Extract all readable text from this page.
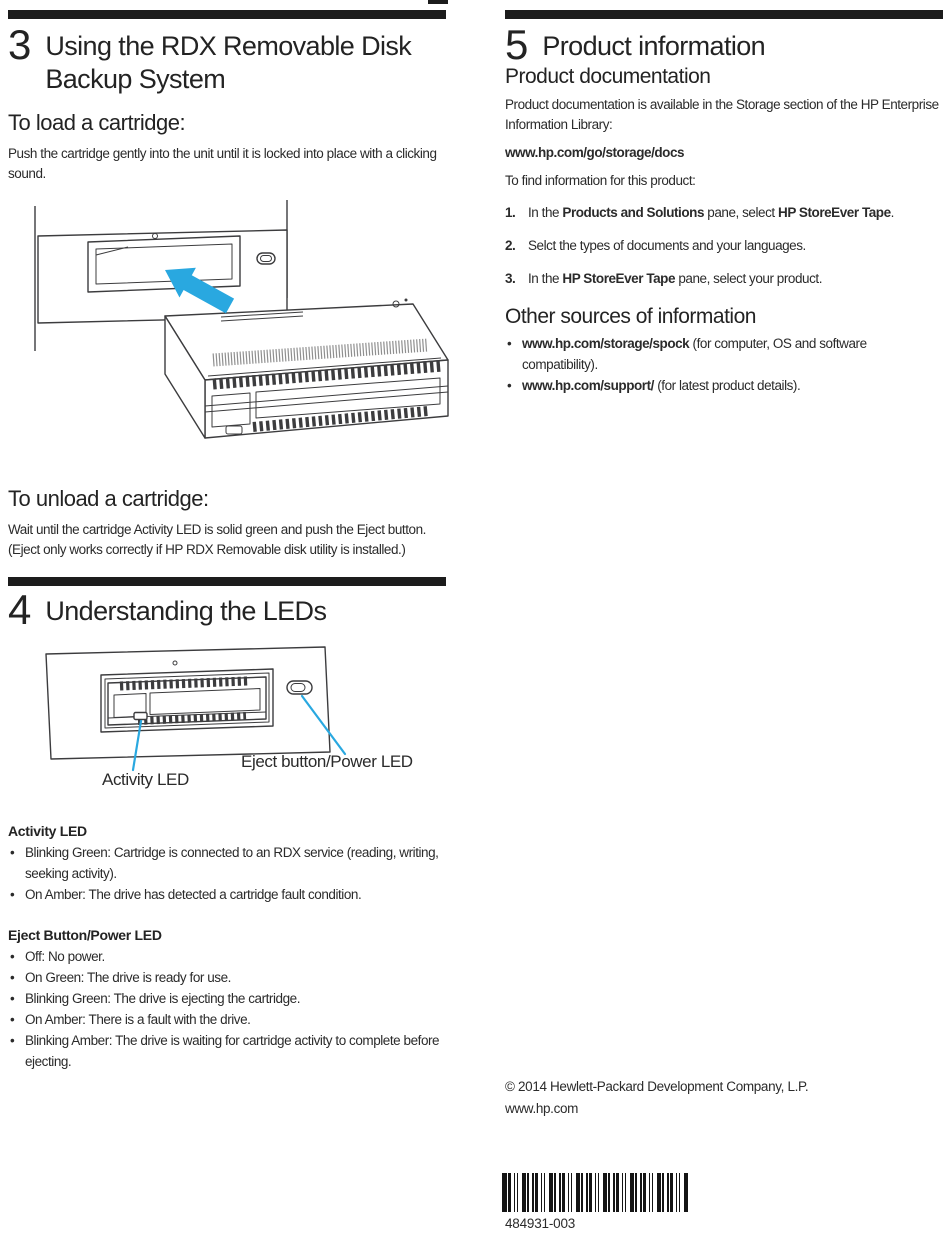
3 Using the RDX Removable Disk Backup System
To load a cartridge:

Push the cartridge gently into the unit until it is locked into place with a clicking sound.

To unload a cartridge:

Wait until the cartridge Activity LED is solid green and push the Eject button. (Eject only works correctly if HP RDX Removable disk utility is installed.)

4 Understanding the LEDs
Eject button/Power LED
Activity LED
Activity LED
• Blinking Green: Cartridge is connected to an RDX service (reading, writing, seeking activity).
• On Amber: The drive has detected a cartridge fault condition.
Eject Button/Power LED
• Off: No power.
• On Green: The drive is ready for use.
• Blinking Green: The drive is ejecting the cartridge.
• On Amber: There is a fault with the drive.
• Blinking Amber: The drive is waiting for cartridge activity to complete before ejecting.
5 Product information
Product documentation

Product documentation is available in the Storage section of the HP Enterprise Information Library:

www.hp.com/go/storage/docs

To find information for this product:

1. In the Products and Solutions pane, select HP StoreEver Tape.
2. Selct the types of documents and your languages.
3. In the HP StoreEver Tape pane, select your product.
Other sources of information
• www.hp.com/storage/spock (for computer, OS and software compatibility).
• www.hp.com/support/ (for latest product details).
© 2014 Hewlett-Packard Development Company, L.P.
www.hp.com
484931-003
